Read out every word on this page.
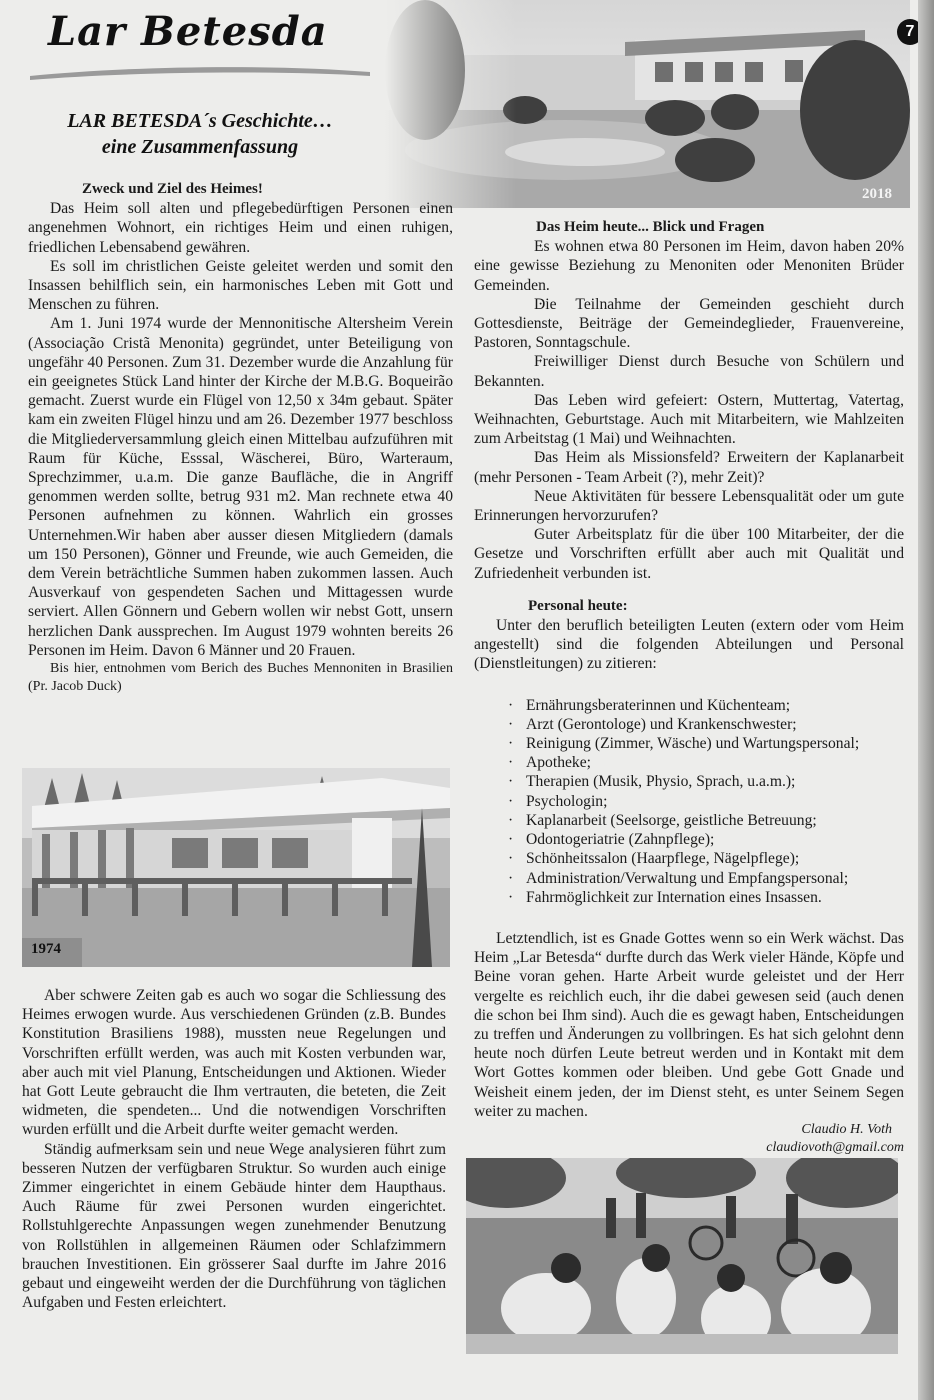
Lar Betesda
2018
7
LAR BETESDA´s Geschichte…
eine Zusammenfassung

Zweck und Ziel des Heimes!

Das Heim soll alten und pflegebedürftigen Personen einen angenehmen Wohnort, ein richtiges Heim und einen ruhigen, friedlichen Lebensabend gewähren.

Es soll im christlichen Geiste geleitet werden und somit den Insassen behilflich sein, ein harmonisches Leben mit Gott und Menschen zu führen.

Am 1. Juni 1974 wurde der Mennonitische Altersheim Verein (Associação Cristã Menonita) gegründet, unter Beteiligung von ungefähr 40 Personen. Zum 31. Dezember wurde die Anzahlung für ein geeignetes Stück Land hinter der Kirche der M.B.G. Boqueirão gemacht. Zuerst wurde ein Flügel von 12,50 x 34m gebaut. Später kam ein zweiten Flügel hinzu und am 26. Dezember 1977 beschloss die Mitgliederversammlung gleich einen Mittelbau aufzuführen mit Raum für Küche, Esssal, Wäscherei, Büro, Warteraum, Sprechzimmer, u.a.m. Die ganze Baufläche, die in Angriff genommen werden sollte, betrug 931 m2. Man rechnete etwa 40 Personen aufnehmen zu können. Wahrlich ein grosses Unternehmen.Wir haben aber ausser diesen Mitgliedern (damals um 150 Personen), Gönner und Freunde, wie auch Gemeiden, die dem Verein beträchtliche Summen haben zukommen lassen. Auch Ausverkauf von gespendeten Sachen und Mittagessen wurde serviert. Allen Gönnern und Gebern wollen wir nebst Gott, unsern herzlichen Dank aussprechen. Im August 1979 wohnten bereits 26 Personen im Heim. Davon 6 Männer und 20 Frauen.

Bis hier, entnohmen vom Berich des Buches Mennoniten in Brasilien (Pr. Jacob Duck)

1974

Aber schwere Zeiten gab es auch wo sogar die Schliessung des Heimes erwogen wurde. Aus verschiedenen Gründen (z.B. Bundes Konstitution Brasiliens 1988), mussten neue Regelungen und Vorschriften erfüllt werden, was auch mit Kosten verbunden war, aber auch mit viel Planung, Entscheidungen und Aktionen. Wieder hat Gott Leute gebraucht die Ihm vertrauten, die beteten, die Zeit widmeten, die spendeten... Und die notwendigen Vorschriften wurden erfüllt und die Arbeit durfte weiter gemacht werden.

Ständig aufmerksam sein und neue Wege analysieren führt zum besseren Nutzen der verfügbaren Struktur. So wurden auch einige Zimmer eingerichtet in einem Gebäude hinter dem Haupthaus. Auch Räume für zwei Personen wurden eingerichtet. Rollstuhlgerechte Anpassungen wegen zunehmender Benutzung von Rollstühlen in allgemeinen Räumen oder Schlafzimmern brauchen Investitionen. Ein grösserer Saal durfte im Jahre 2016 gebaut und eingeweiht werden der die Durchführung von täglichen Aufgaben und Festen erleichtert.

Das Heim heute... Blick und Fragen

· Es wohnen etwa 80 Personen im Heim, davon haben 20% eine gewisse Beziehung zu Menoniten oder Menoniten Brüder Gemeinden.
· Die Teilnahme der Gemeinden geschieht durch Gottesdienste, Beiträge der Gemeindeglieder, Frauenvereine, Pastoren, Sonntagschule.
· Freiwilliger Dienst durch Besuche von Schülern und Bekannten.
· Das Leben wird gefeiert: Ostern, Muttertag, Vatertag, Weihnachten, Geburtstage. Auch mit Mitarbeitern, wie Mahlzeiten zum Arbeitstag (1 Mai) und Weihnachten.
· Das Heim als Missionsfeld? Erweitern der Kaplanarbeit (mehr Personen - Team Arbeit (?), mehr Zeit)?
· Neue Aktivitäten für bessere Lebensqualität oder um gute Erinnerungen hervorzurufen?
· Guter Arbeitsplatz für die über 100 Mitarbeiter, der die Gesetze und Vorschriften erfüllt aber auch mit Qualität und Zufriedenheit verbunden ist.

Personal heute:

Unter den beruflich beteiligten Leuten (extern oder vom Heim angestellt) sind die folgenden Abteilungen und Personal (Dienstleitungen) zu zitieren:

· Ernährungsberaterinnen und Küchenteam;
· Arzt (Gerontologe) und Krankenschwester;
· Reinigung (Zimmer, Wäsche) und Wartungspersonal;
· Apotheke;
· Therapien (Musik, Physio, Sprach, u.a.m.);
· Psychologin;
· Kaplanarbeit (Seelsorge, geistliche Betreuung;
· Odontogeriatrie (Zahnpflege);
· Schönheitssalon (Haarpflege, Nägelpflege);
· Administration/Verwaltung und Empfangspersonal;
· Fahrmöglichkeit zur Internation eines Insassen.

Letztendlich, ist es Gnade Gottes wenn so ein Werk wächst. Das Heim „Lar Betesda“ durfte durch das Werk vieler Hände, Köpfe und Beine voran gehen. Harte Arbeit wurde geleistet und der Herr vergelte es reichlich euch, ihr die dabei gewesen seid (auch denen die schon bei Ihm sind). Auch die es gewagt haben, Entscheidungen zu treffen und Änderungen zu vollbringen. Es hat sich gelohnt denn heute noch dürfen Leute betreut werden und in Kontakt mit dem Wort Gottes kommen oder bleiben. Und gebe Gott Gnade und Weisheit einem jeden, der im Dienst steht, es unter Seinem Segen weiter zu machen.

Claudio H. Voth
claudiovoth@gmail.com
